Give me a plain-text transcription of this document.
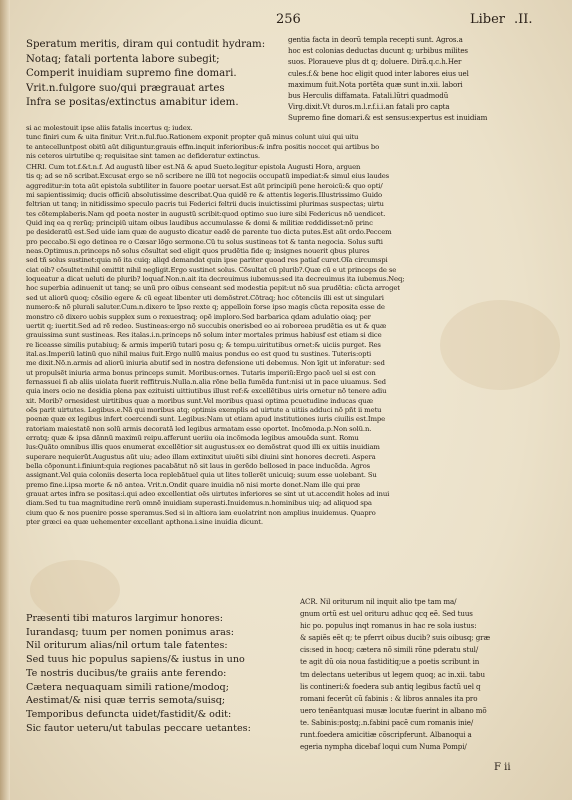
256	Liber .II.
Speratum meritis, diram qui contudit hydram:
Notaq; fatali portenta labore subegit;
Comperit inuidiam supremo fine domari.
Vrit.n.fulgore suo/qui prægrauat artes
Infra se positas/extinctus amabitur idem.
gentia facta in deorũ templa recepti sunt. Agros.a
hoc est colonias deductas ducunt q; urbibus milites
suos. Ploraueve plus dt q; doluere. Dirã.q.c.h.Her
cules.f.& bene hoc eligit quod inter labores eius uel
maximum fuit.Nota portẽta quæ sunt in.xii. labori
bus Herculis diffamata. Fatali.lũtri quadmodũ
Virg.dixit.Vt duros.m.l.r.f.i.i.an fatali pro capta
Supremo fine domari.& est sensus:expertus est inuidiam
si ac molestouit ipse aliis fatalis incertus q; iudex.
tunc finiri cum & uita finitur. Vrit.n.ful.fuo.Rationem exponit propter quã minus colunt uiui qui uitu
te antecelluntpost obitũ aũt diliguntur.grauis effm.inquit inferioribus:& infra positis noccet qui artibus bo
nis ceteros uirtutibe q; requisitae sint tamen ac defideratur extinctus.
CHRI. Cum tot.f.&t.n.f. Ad augustũ liber est.Nã & apud Sueto.legitur epistola Augusti Hora, arguen
tis q; ad se nõ scribat.Excusat ergo se nõ scribere ne illũ tot negociis occupatũ impediat:& simul eius laudes
aggreditur:in tota aũt epistola subtiliter in fauore poetar uersat.Est aũt principiũ pene heroicũ:& quo opti/
mi sapientissimiq; ducis officiũ absolutissime describat.Qua quidẽ re & attentis legeris.Illustrissimo Guido
feltrian ut tanq; in nitidissimo speculo pacris tui Federici feltrii ducis inuictissimi plurimas suspectas; uirtu
tes cõtemplaberis.Nam qd poeta noster in augustũ scribit:quod optimo suo iure sibi Federicus nõ uendicet.
Quid inq ea q rerũq; principiũ uitam oibus laudibus accumulasse & domi & militiæ reddidisset:nõ princ
pe desideratũ est.Sed uide iam quæ de augusto dicatur eadẽ de parente tuo dicta putes.Est aũt ordo.Peccem
pro peccabo.Si ego detinea re o Cæsar lõgo sermone.Cũ tu solus sustineas tot & tanta negocia. Solus sufti
neas.Optimus.n.princeps nõ solus cõsultat sed eligit quos prudẽtia fide q; insignes nouerit qbus plures
sed tñ solus sustinet:quia nõ ita cuiq; aliqd demandat quin ipse pariter quoad res patiaf curet.Oĩa circumspi
ciat oib? cõsultet:nihil omittit nihil negligit.Ergo sustinet solus. Cõsultat cũ plurib?.Quæ cũ e ut princeps de se
loqueatur a dicat ueluti de plurib? loquaf.Non.n.ait ita decreuimus iubemus:sed ita decreuimus ita iubemus.Neq;
hoc superbia adinuenit ut tanq; se unũ pro oibus censeant sed modestia pepit:ut nõ sua prudẽtia: cũcta arroget
sed ut aliorũ quoq; cõsilio egere & cũ egeat libenter uti demõstret.Cõtraq; hoc cõtenciis illi est ut singulari
numero:& nõ plurali saluter.Cum.n.dixero te ĩpso rexte q; appelloin forse ipso magis cũcta reposita esse de
monstro cõ dixero uobis supplex sum o rexuestraq; opẽ imploro.Sed barbarica qdam adulatio oiaq; per
uertit q; iuertit.Sed ad rẽ redeo. Sustineas:ergo nõ succubis onerisbed eo ai roboreea prudẽtia es ut & quæ
grauissima sunt sustineas. Res italas.i.n.princeps nõ solum inter mortales primus habiusf est etiam si dice
re liceasse similis putabiuq; & armis imperiũ tutari posu q; & tempu.uiritutibus ornet:& uiciis purget. Res
ital.as.Imperiũ latinũ quo nihil maius fuit.Ergo nullũ maius pondus eo est quod tu sustines. Tuteris:opti
me dixit.Nõ.n.armis ad aliorũ iniuria abutif sed in nostra defensione uti debemus. Non ĩgit ut inferatur: sed
ut propulsẽt iniuria arma bonus princeps sumit. Moribus:ornes. Tutaris imperiũ:Ergo pacẽ uel si est con
fernassuei fi ab aliis uiolata fuerit reffitruis.Nulla.n.alia rõne bella fumẽda funt:nisi ut in pace uiuamus. Sed
quia iners ocio ne desidia plena pax ezituisti uittiutibus illust ref:& excellẽtibus uiris ornetur nõ tenere adiu
xit. Morib? ornesidest uirtitibus quæ a moribus sunt.Vel moribus quasi optima pcuetudine inducas quæ
oẽs parit uirtutes. Legibus.e.Nã qui moribus atq; optimis exemplis ad uirtute a uitiis adduci nõ pñt ii metu
poenæ quæ ex legibus infert coercendi sunt. Legibus:Nam ut etiam apud institutiones iuris ciuilis est.Impe
ratoriam maiestatẽ non solũ armis decoratã led legibus armatam esse oportet. Incõmoda.p.Non solũ.n.
erratq; quæ & ipsa dãnnũ maximũ reipu.afferunt ueriiu oia incõmoda legibus amouẽda sunt. Romu
lus:Quãto omnibus illis quos enumerat excellẽtior sit augustus:ex eo demõstrat quod illi ex uitiis inuidiam
superare nequierũt.Augustus aũt uiu; adeo illam extinxitut uiuẽti sibi diuini sint honores decreti. Aspera
bella cõponunt.i.finiunt:quia regiones pacabãtut nõ sit laus in gerẽdo bellosed in pace inducẽda. Agros
assignant.Vel quia coloniis deserta loca replebãtuel quia ut lites tollerẽt unicuiq; suum esse uolebant. Su
premo fine.i.ipsa morte & nõ antea. Vrit.n.Ondit quare inuidia nõ nisi morte donet.Nam ille qui præ
grauat artes infra se positas:i.qui adeo excellentiat oẽs uirtutes inferiores se sint ut ut.accendit holes ad inui
diam.Sed tu tua magnitudine rerũ omnẽ inuidiam superasti.Inuidemus.n.hominibus uiq; ad aliquod spa
cium quo & nos puenire posse speramus.Sed si in altiora iam euolatrint non amplius inuidemus. Quapro
pter græci ea quæ uehementer excellant apthona.i.sine inuidia dicunt.
Præsenti tibi maturos largimur honores:
Iurandasq; tuum per nomen ponimus aras:
Nil oriturum alias/nil ortum tale fatentes:
Sed tuus hic populus sapiens/& iustus in uno
Te nostris ducibus/te graiis ante ferendo:
Cætera nequaquam simili ratione/modoq;
Aestimat/& nisi quæ terris semota/suisq;
Temporibus defuncta uidet/fastidit/& odit:
Sic fautor ueteru/ut tabulas peccare uetantes:
ACR. Nil oriturum nil inquit alio tpe tam ma/
gnum ortũ est uel orituru adhuc qcq eẽ. Sed tuus
hic po. populus inqt romanus in hac re sola iustus:
& sapiẽs eẽt q; te pferrt oibus ducib? suis oibusq; græ
cis:sed in hocq; cætera nõ simili rõne pderatu stul/
te agit dũ oia noua fastiditiq;ue a poetis scribunt in
tm delectans ueteribus ut legem quoq; ac in.xii. tabu
lis contineri:& foedera sub antiq legibus factũ uel q
romani fecerũt cũ fabinis : & libros annales ita pro
uero tenẽantquasi musæ locutæ fuerint in albano mõ
te. Sabinis:postq;.n.fabini pacẽ cum romanis inie/
runt.foedera amicitiæ cõscripferunt. Albanoqui a
egeria nympha dicebaf loqui cum Numa Pompi/
F ii
